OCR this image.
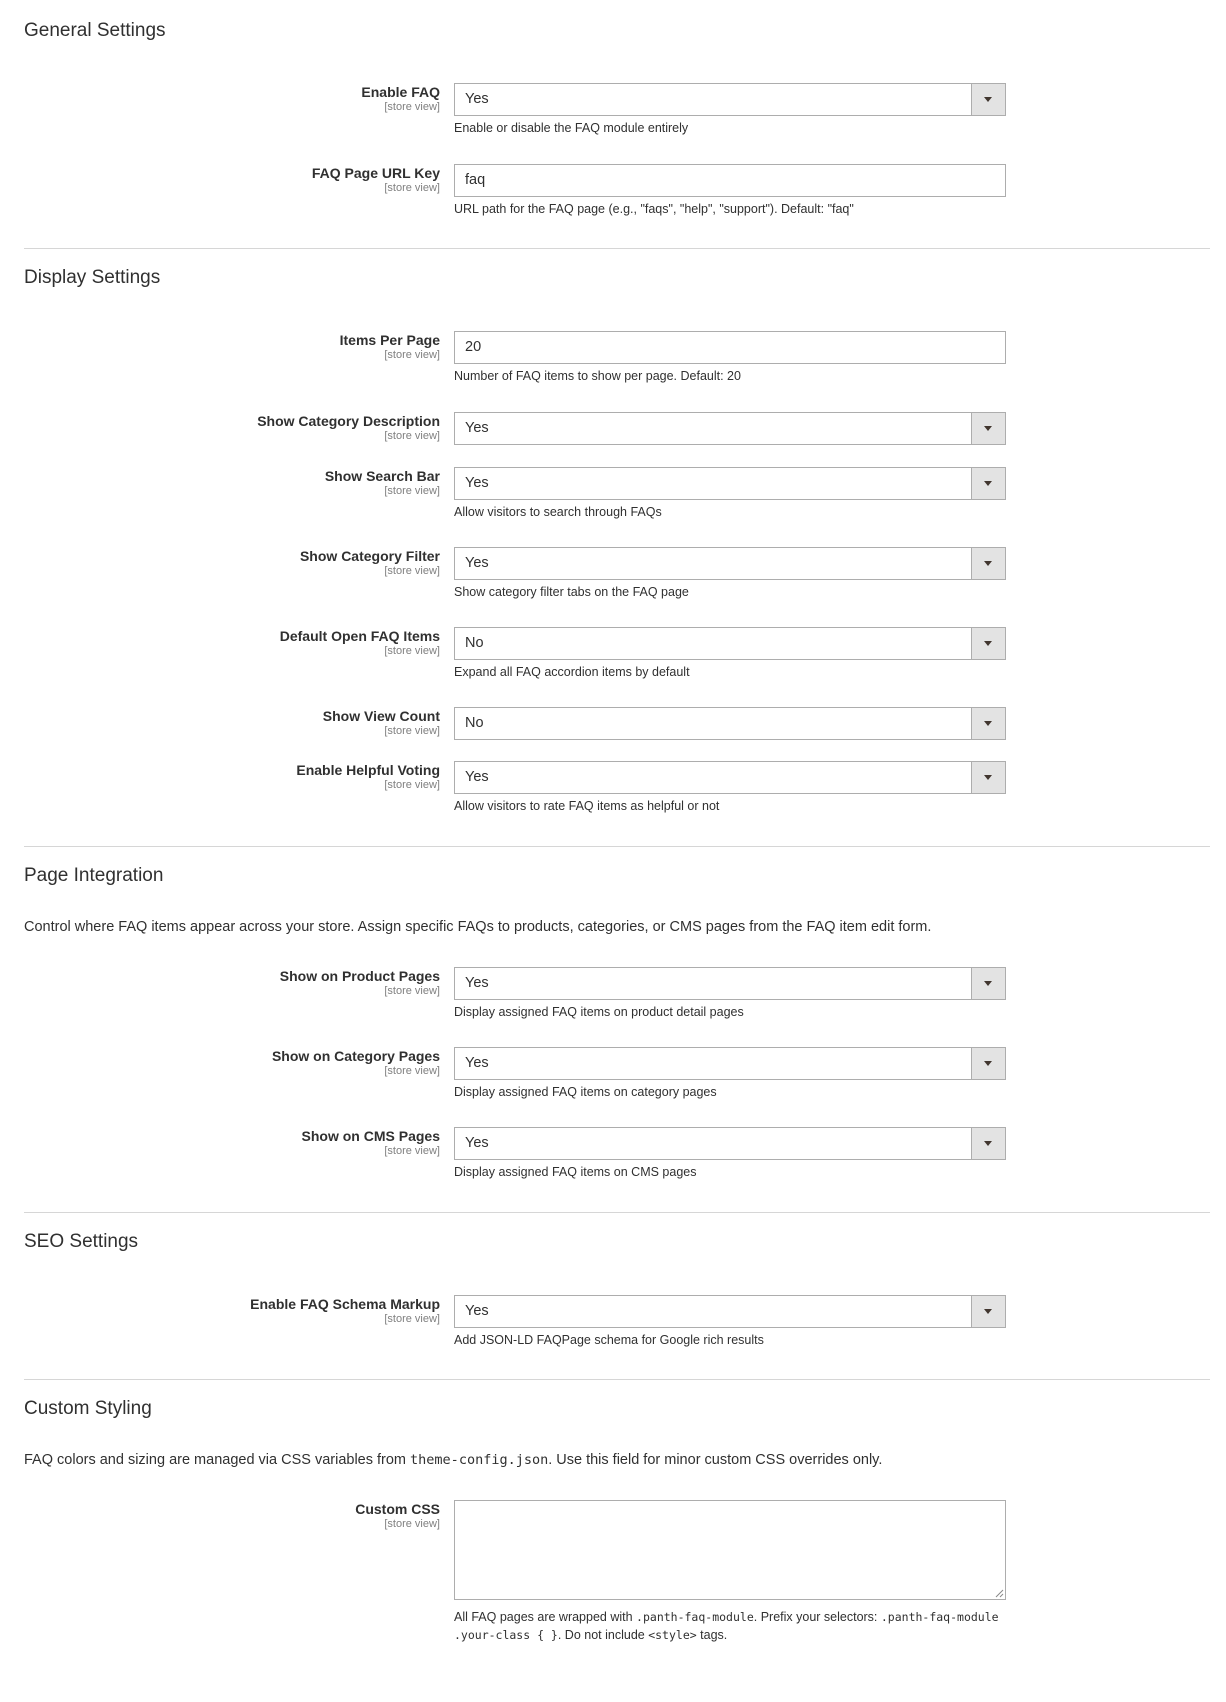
General Settings
Enable FAQ
[store view] Yes
Enable or disable the FAQ module entirely
FAQ Page URL Key
[store view] faq
URL path for the FAQ page (e.g., "faqs", "help", "support"). Default: "faq"
Display Settings
Items Per Page
[store view] 20
Number of FAQ items to show per page. Default: 20
Show Category Description
[store view] Yes
Show Search Bar
[store view] Yes
Allow visitors to search through FAQs
Show Category Filter
[store view] Yes
Show category filter tabs on the FAQ page
Default Open FAQ Items
[store view] No
Expand all FAQ accordion items by default
Show View Count
[store view] No
Enable Helpful Voting
[store view] Yes
Allow visitors to rate FAQ items as helpful or not
Page Integration
Control where FAQ items appear across your store. Assign specific FAQs to products, categories, or CMS pages from the FAQ item edit form.
Show on Product Pages
[store view] Yes
Display assigned FAQ items on product detail pages
Show on Category Pages
[store view] Yes
Display assigned FAQ items on category pages
Show on CMS Pages
[store view] Yes
Display assigned FAQ items on CMS pages
SEO Settings
Enable FAQ Schema Markup
[store view] Yes
Add JSON-LD FAQPage schema for Google rich results
Custom Styling
FAQ colors and sizing are managed via CSS variables from theme-config.json. Use this field for minor custom CSS overrides only.
Custom CSS
[store view]
All FAQ pages are wrapped with .panth-faq-module. Prefix your selectors: .panth-faq-module .your-class { }. Do not include <style> tags.
